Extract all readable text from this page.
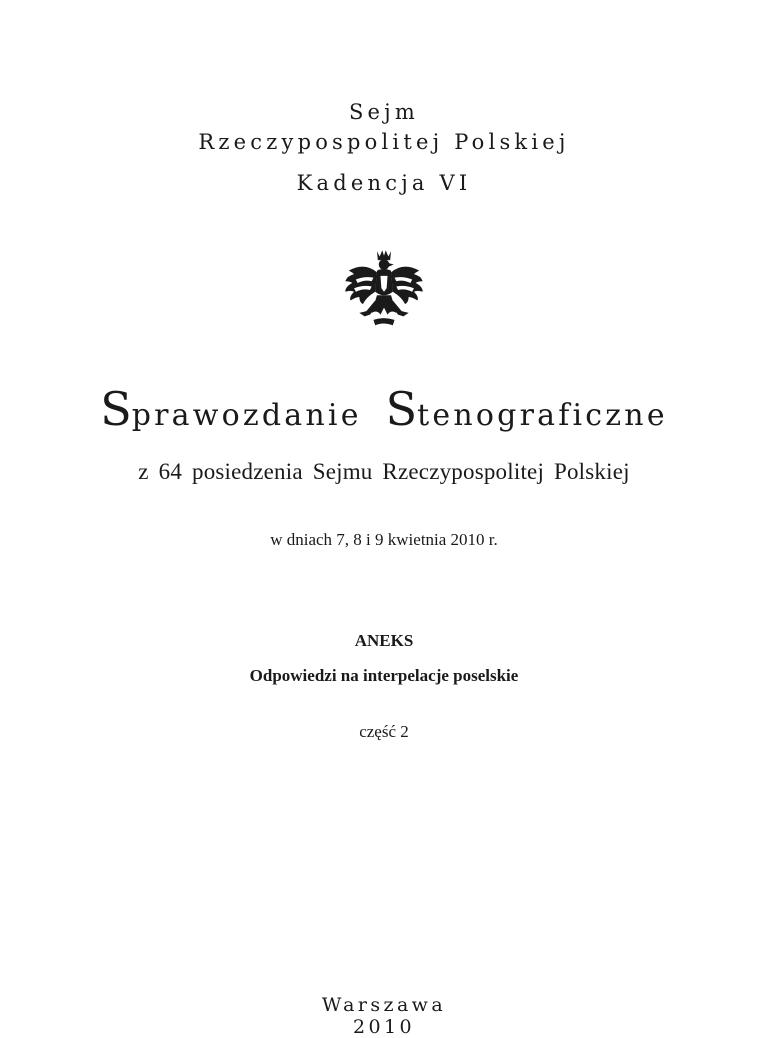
Sejm
Rzeczypospolitej Polskiej
Kadencja VI
Sprawozdanie Stenograficzne
z 64 posiedzenia Sejmu Rzeczypospolitej Polskiej
w dniach 7, 8 i 9 kwietnia 2010 r.
ANEKS
Odpowiedzi na interpelacje poselskie
część 2
Warszawa
2010
